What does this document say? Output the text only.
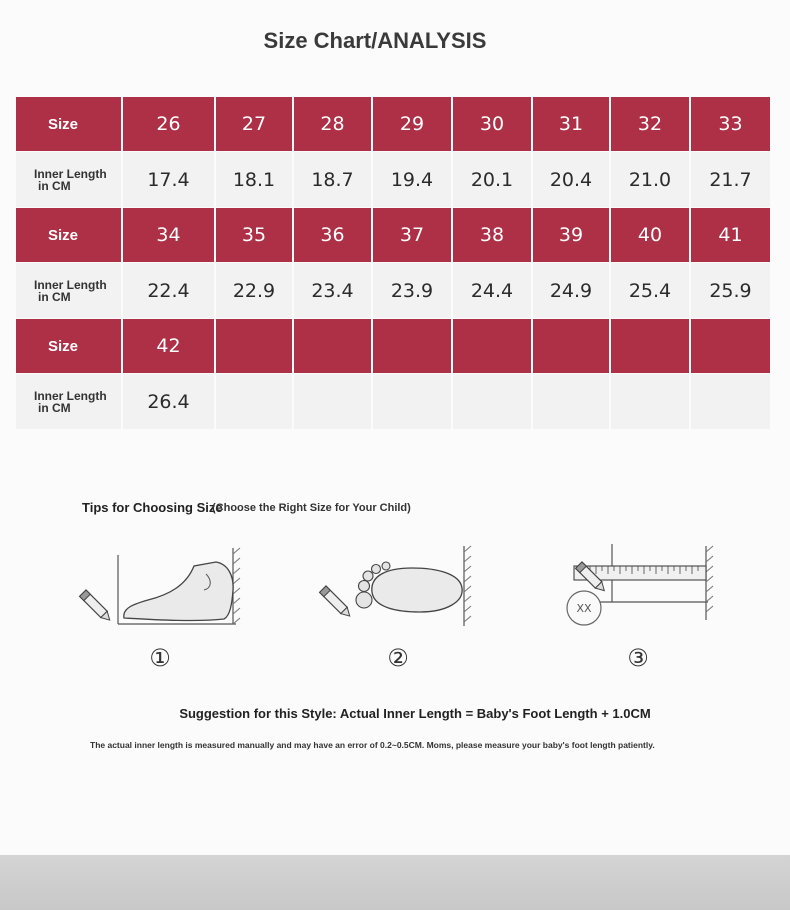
Size Chart/ANALYSIS
Size	26	27	28	29	30	31	32	33

Inner Length
in CM	17.4	18.1	18.7	19.4	20.1	20.4	21.0	21.7
Size	34	35	36	37	38	39	40	41

Inner Length
in CM	22.4	22.9	23.4	23.9	24.4	24.9	25.4	25.9
Size	42							

Inner Length
in CM	26.4							
Tips for Choosing Size
(Choose the Right Size for Your Child)
XX
①	②	③
Suggestion for this Style: Actual Inner Length = Baby's Foot Length + 1.0CM
The actual inner length is measured manually and may have an error of 0.2~0.5CM. Moms, please measure your baby's foot length patiently.
